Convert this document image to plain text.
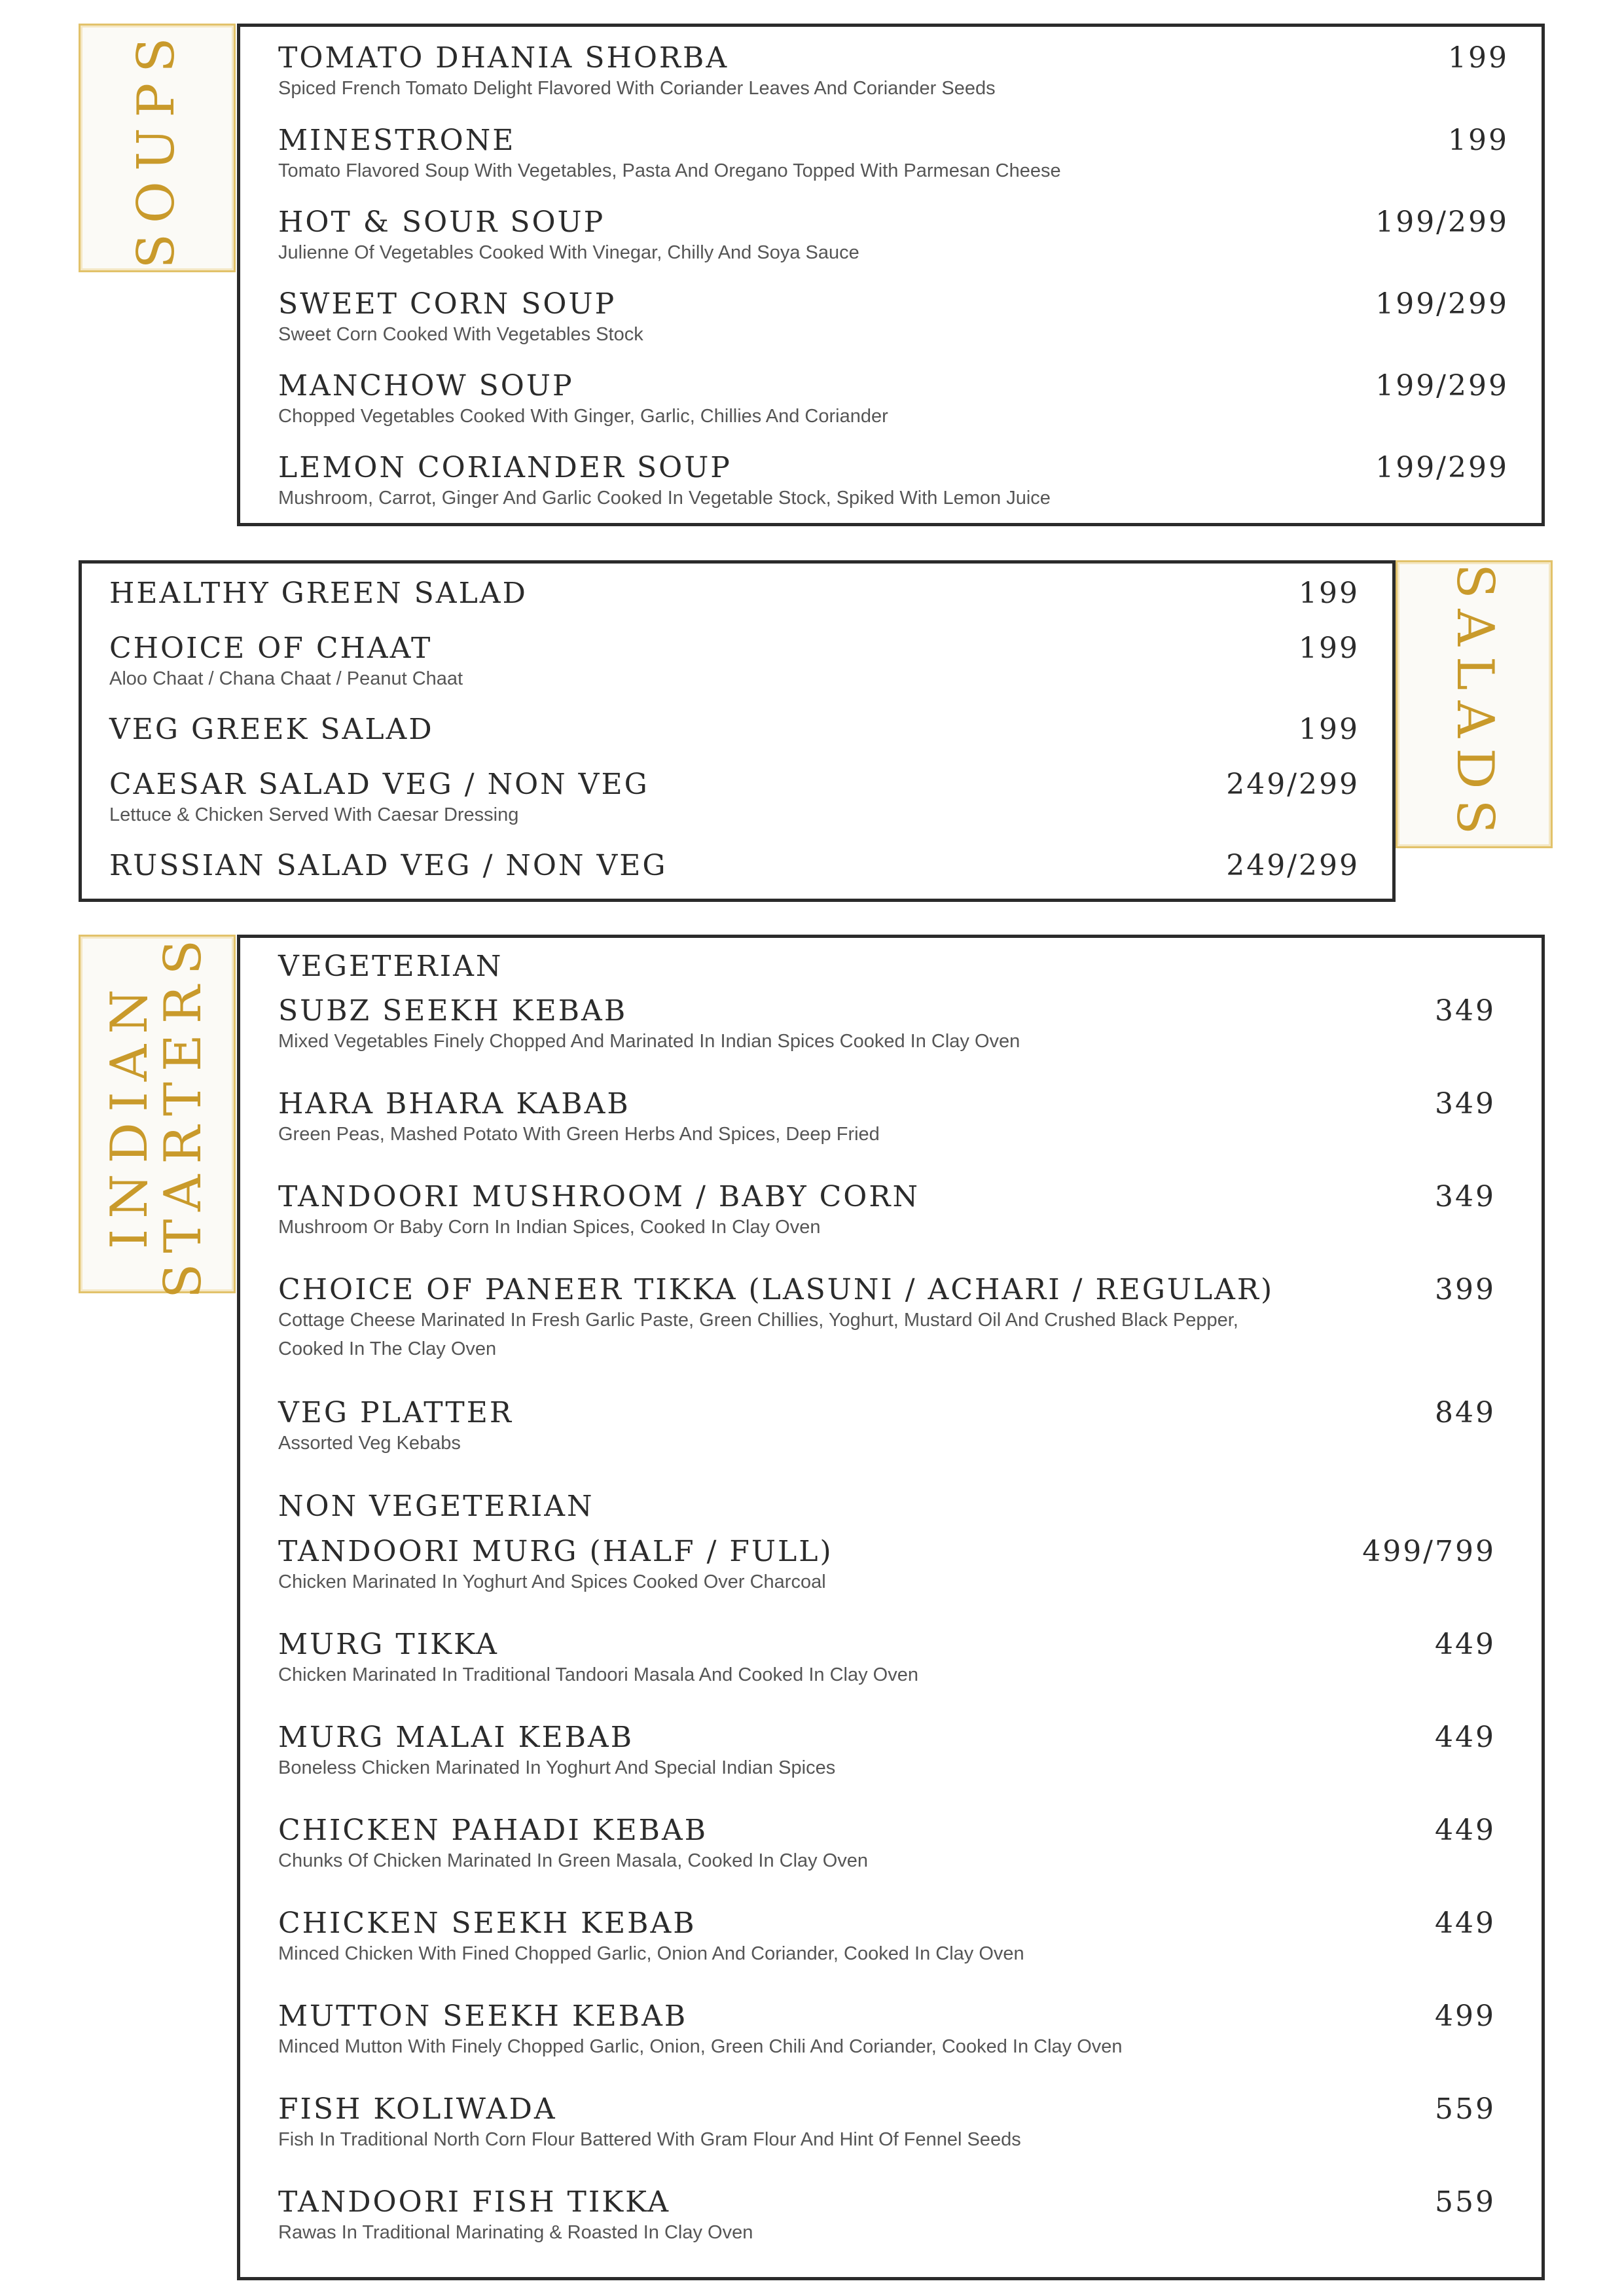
SOUPS	TOMATO DHANIA SHORBA
Spiced French Tomato Delight Flavored With Coriander Leaves And Coriander Seeds
199
MINESTRONE
Tomato Flavored Soup With Vegetables, Pasta And Oregano Topped With Parmesan Cheese
199
HOT & SOUR SOUP
Julienne Of Vegetables Cooked With Vinegar, Chilly And Soya Sauce
199/299
SWEET CORN SOUP
Sweet Corn Cooked With Vegetables Stock
199/299
MANCHOW SOUP
Chopped Vegetables Cooked With Ginger, Garlic, Chillies And Coriander
199/299
LEMON CORIANDER SOUP
Mushroom, Carrot, Ginger And Garlic Cooked In Vegetable Stock, Spiked With Lemon Juice
199/299
HEALTHY GREEN SALAD	199
CHOICE OF CHAAT
Aloo Chaat / Chana Chaat / Peanut Chaat
199
VEG GREEK SALAD	199
CAESAR SALAD VEG / NON VEG
Lettuce & Chicken Served With Caesar Dressing
249/299
RUSSIAN SALAD VEG / NON VEG	249/299
SALADS
INDIAN
STARTERS VEGETERIAN
SUBZ SEEKH KEBAB
Mixed Vegetables Finely Chopped And Marinated In Indian Spices Cooked In Clay Oven
349
HARA BHARA KABAB
Green Peas, Mashed Potato With Green Herbs And Spices, Deep Fried
349
TANDOORI MUSHROOM / BABY CORN
Mushroom Or Baby Corn In Indian Spices, Cooked In Clay Oven
349
CHOICE OF PANEER TIKKA (LASUNI / ACHARI / REGULAR)
Cottage Cheese Marinated In Fresh Garlic Paste, Green Chillies, Yoghurt, Mustard Oil And Crushed Black Pepper,
Cooked In The Clay Oven
399
VEG PLATTER
Assorted Veg Kebabs
849
NON VEGETERIAN
TANDOORI MURG (HALF / FULL)
Chicken Marinated In Yoghurt And Spices Cooked Over Charcoal
499/799
MURG TIKKA
Chicken Marinated In Traditional Tandoori Masala And Cooked In Clay Oven
449
MURG MALAI KEBAB
Boneless Chicken Marinated In Yoghurt And Special Indian Spices
449
CHICKEN PAHADI KEBAB
Chunks Of Chicken Marinated In Green Masala, Cooked In Clay Oven
449
CHICKEN SEEKH KEBAB
Minced Chicken With Fined Chopped Garlic, Onion And Coriander, Cooked In Clay Oven
449
MUTTON SEEKH KEBAB
Minced Mutton With Finely Chopped Garlic, Onion, Green Chili And Coriander, Cooked In Clay Oven
499
FISH KOLIWADA
Fish In Traditional North Corn Flour Battered With Gram Flour And Hint Of Fennel Seeds
559
TANDOORI FISH TIKKA
Rawas In Traditional Marinating & Roasted In Clay Oven
559
